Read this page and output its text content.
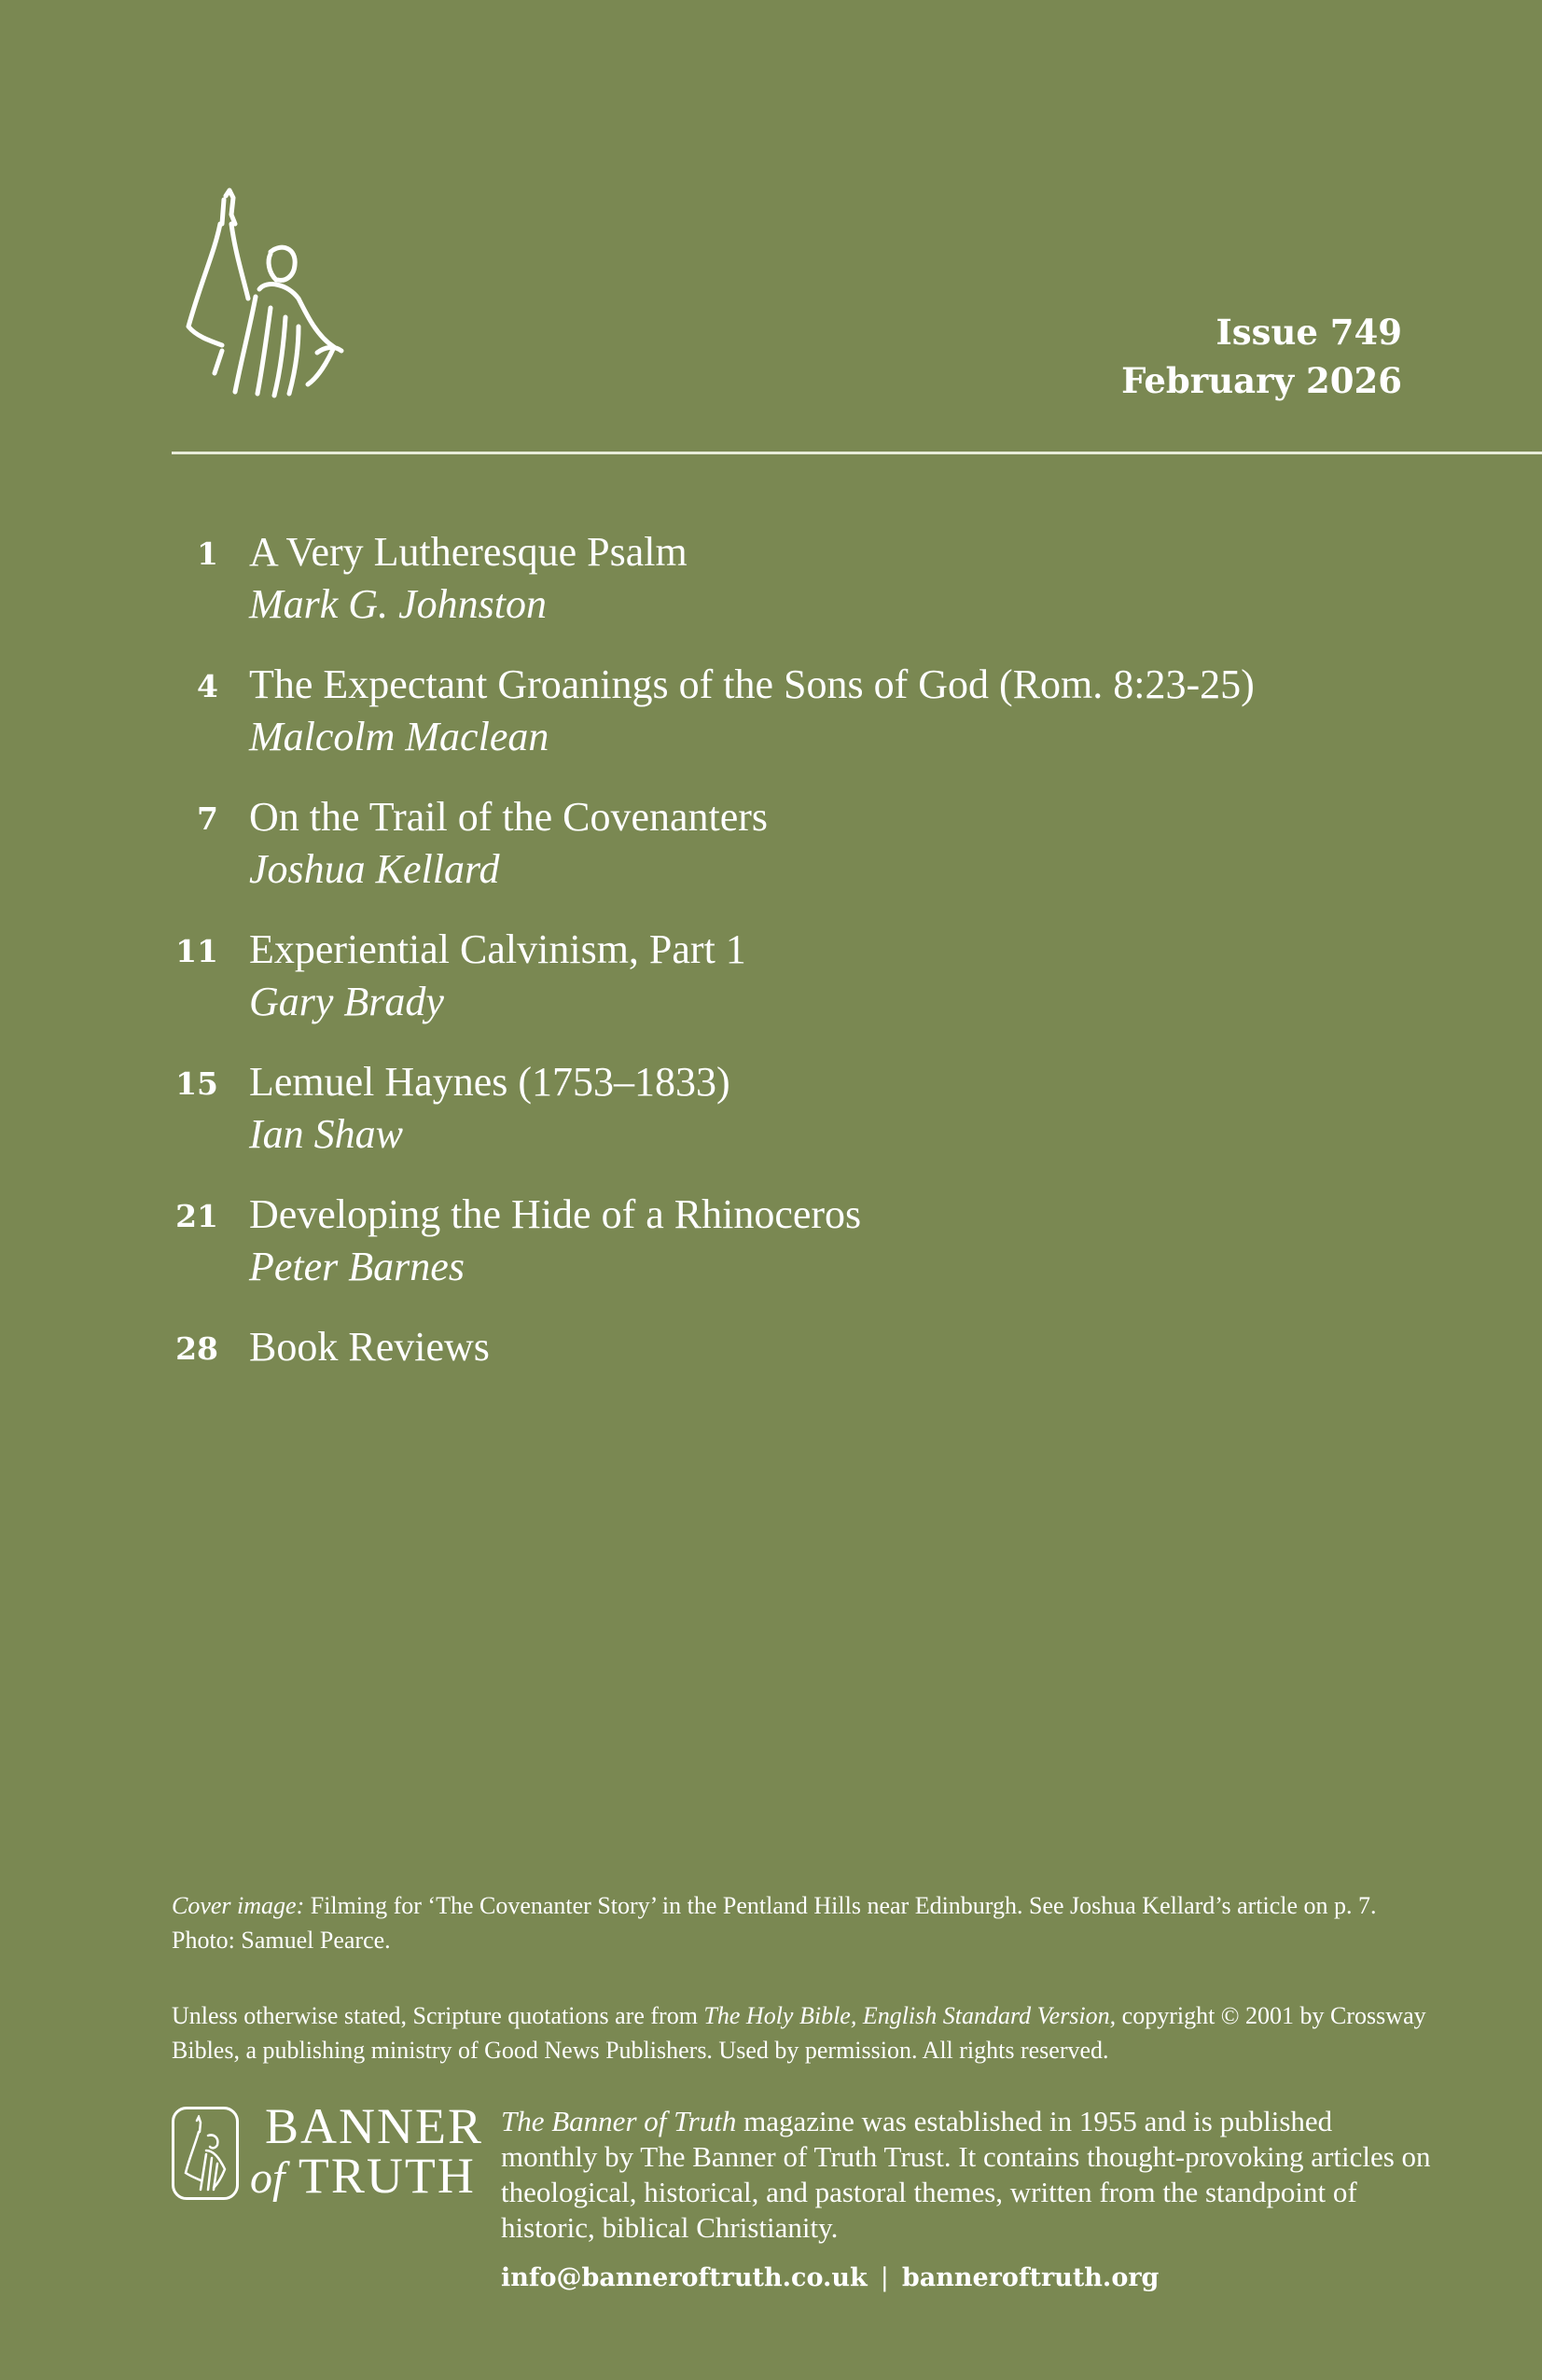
Issue 749
February 2026
1 A Very Lutheresque Psalm
Mark G. Johnston
4 The Expectant Groanings of the Sons of God (Rom. 8:23-25)
Malcolm Maclean
7 On the Trail of the Covenanters
Joshua Kellard
11 Experiential Calvinism, Part 1
Gary Brady
15 Lemuel Haynes (1753–1833)
Ian Shaw
21 Developing the Hide of a Rhinoceros
Peter Barnes
28 Book Reviews

Cover image: Filming for ‘The Covenanter Story’ in the Pentland Hills near Edinburgh. See Joshua Kellard’s article on p. 7. Photo: Samuel Pearce.

Unless otherwise stated, Scripture quotations are from The Holy Bible, English Standard Version, copyright © 2001 by Crossway Bibles, a publishing ministry of Good News Publishers. Used by permission. All rights reserved.

BANNER
of TRUTH
The Banner of Truth magazine was established in 1955 and is published monthly by The Banner of Truth Trust. It contains thought-provoking articles on theological, historical, and pastoral themes, written from the standpoint of historic, biblical Christianity.
info@banneroftruth.co.uk | banneroftruth.org
